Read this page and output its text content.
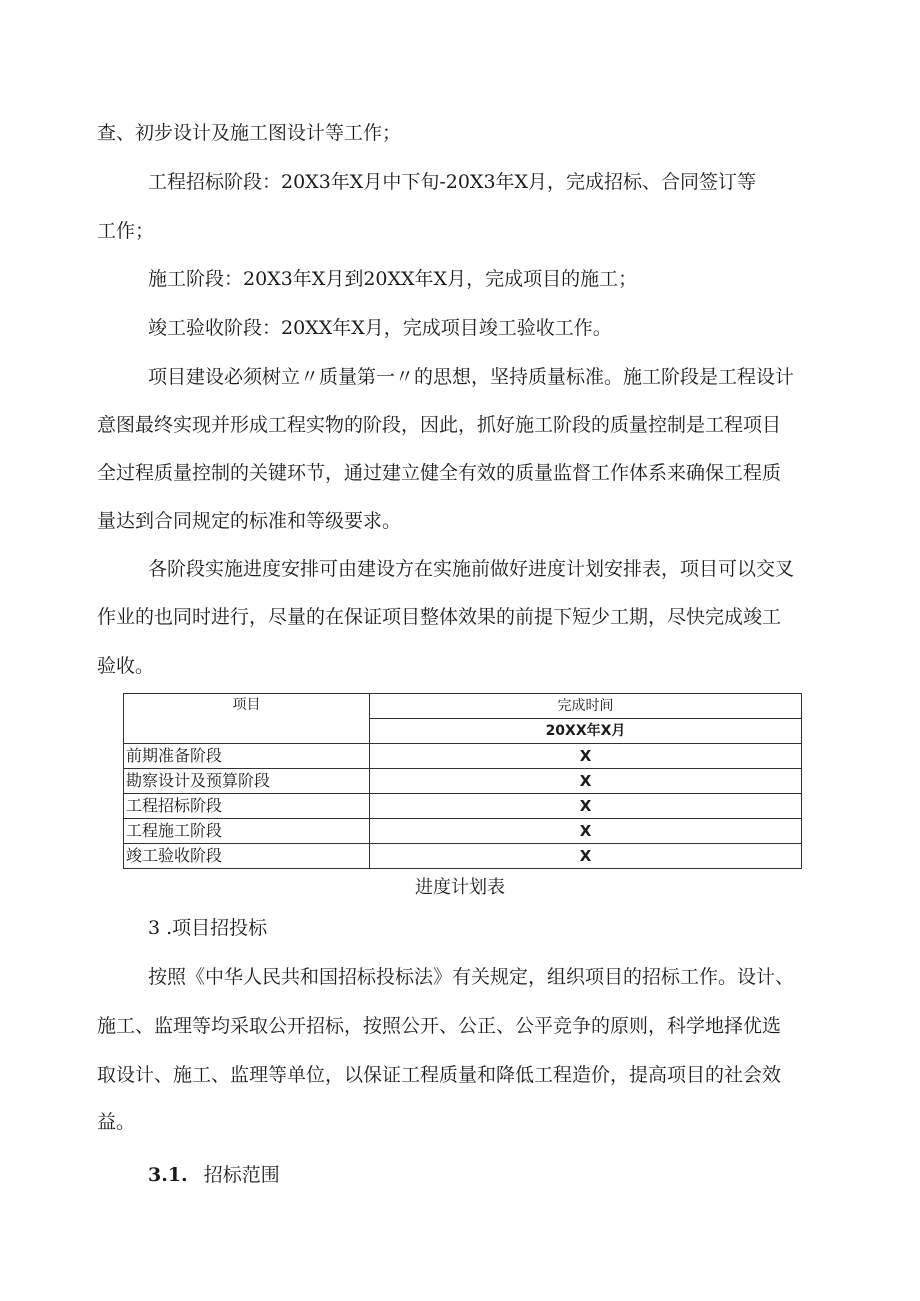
查、初步设计及施工图设计等工作；
工程招标阶段：20X3年X月中下旬-20X3年X月，完成招标、合同签订等
工作；
施工阶段：20X3年X月到20XX年X月，完成项目的施工；
竣工验收阶段：20XX年X月，完成项目竣工验收工作。
项目建设必须树立〃质量第一〃的思想，坚持质量标准。施工阶段是工程设计
意图最终实现并形成工程实物的阶段，因此，抓好施工阶段的质量控制是工程项目
全过程质量控制的关键环节，通过建立健全有效的质量监督工作体系来确保工程质
量达到合同规定的标准和等级要求。
各阶段实施进度安排可由建设方在实施前做好进度计划安排表，项目可以交叉
作业的也同时进行，尽量的在保证项目整体效果的前提下短少工期，尽快完成竣工
验收。
项目	完成时间
	20XX年X月
前期准备阶段	X
勘察设计及预算阶段	X
工程招标阶段	X
工程施工阶段	X
竣工验收阶段	X
进度计划表
3 .项目招投标
按照《中华人民共和国招标投标法》有关规定，组织项目的招标工作。设计、
施工、监理等均采取公开招标，按照公开、公正、公平竞争的原则，科学地择优选
取设计、施工、监理等单位，以保证工程质量和降低工程造价，提高项目的社会效
益。
3.1. 招标范围
